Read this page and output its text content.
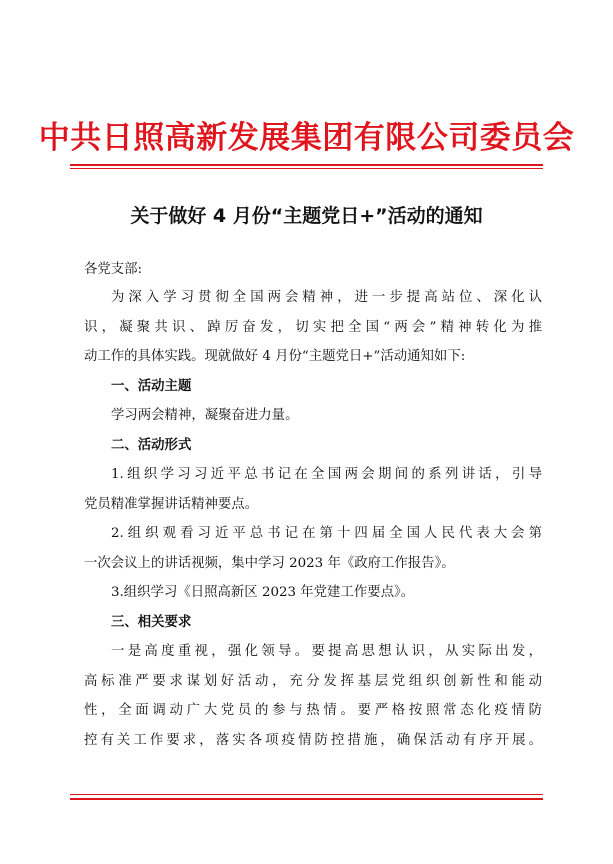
中共日照高新发展集团有限公司委员会
关于做好 4 月份“主题党日+”活动的通知
各党支部:
为深入学习贯彻全国两会精神，进一步提高站位、深化认
识，凝聚共识、踔厉奋发，切实把全国“两会”精神转化为推
动工作的具体实践。现就做好 4 月份“主题党日+”活动通知如下:
一、活动主题
学习两会精神，凝聚奋进力量。
二、活动形式
1.组织学习习近平总书记在全国两会期间的系列讲话，引导
党员精准掌握讲话精神要点。
2.组织观看习近平总书记在第十四届全国人民代表大会第
一次会议上的讲话视频，集中学习 2023 年《政府工作报告》。
3.组织学习《日照高新区 2023 年党建工作要点》。
三、相关要求
一是高度重视，强化领导。要提高思想认识，从实际出发，
高标准严要求谋划好活动，充分发挥基层党组织创新性和能动
性，全面调动广大党员的参与热情。要严格按照常态化疫情防
控有关工作要求，落实各项疫情防控措施，确保活动有序开展。
